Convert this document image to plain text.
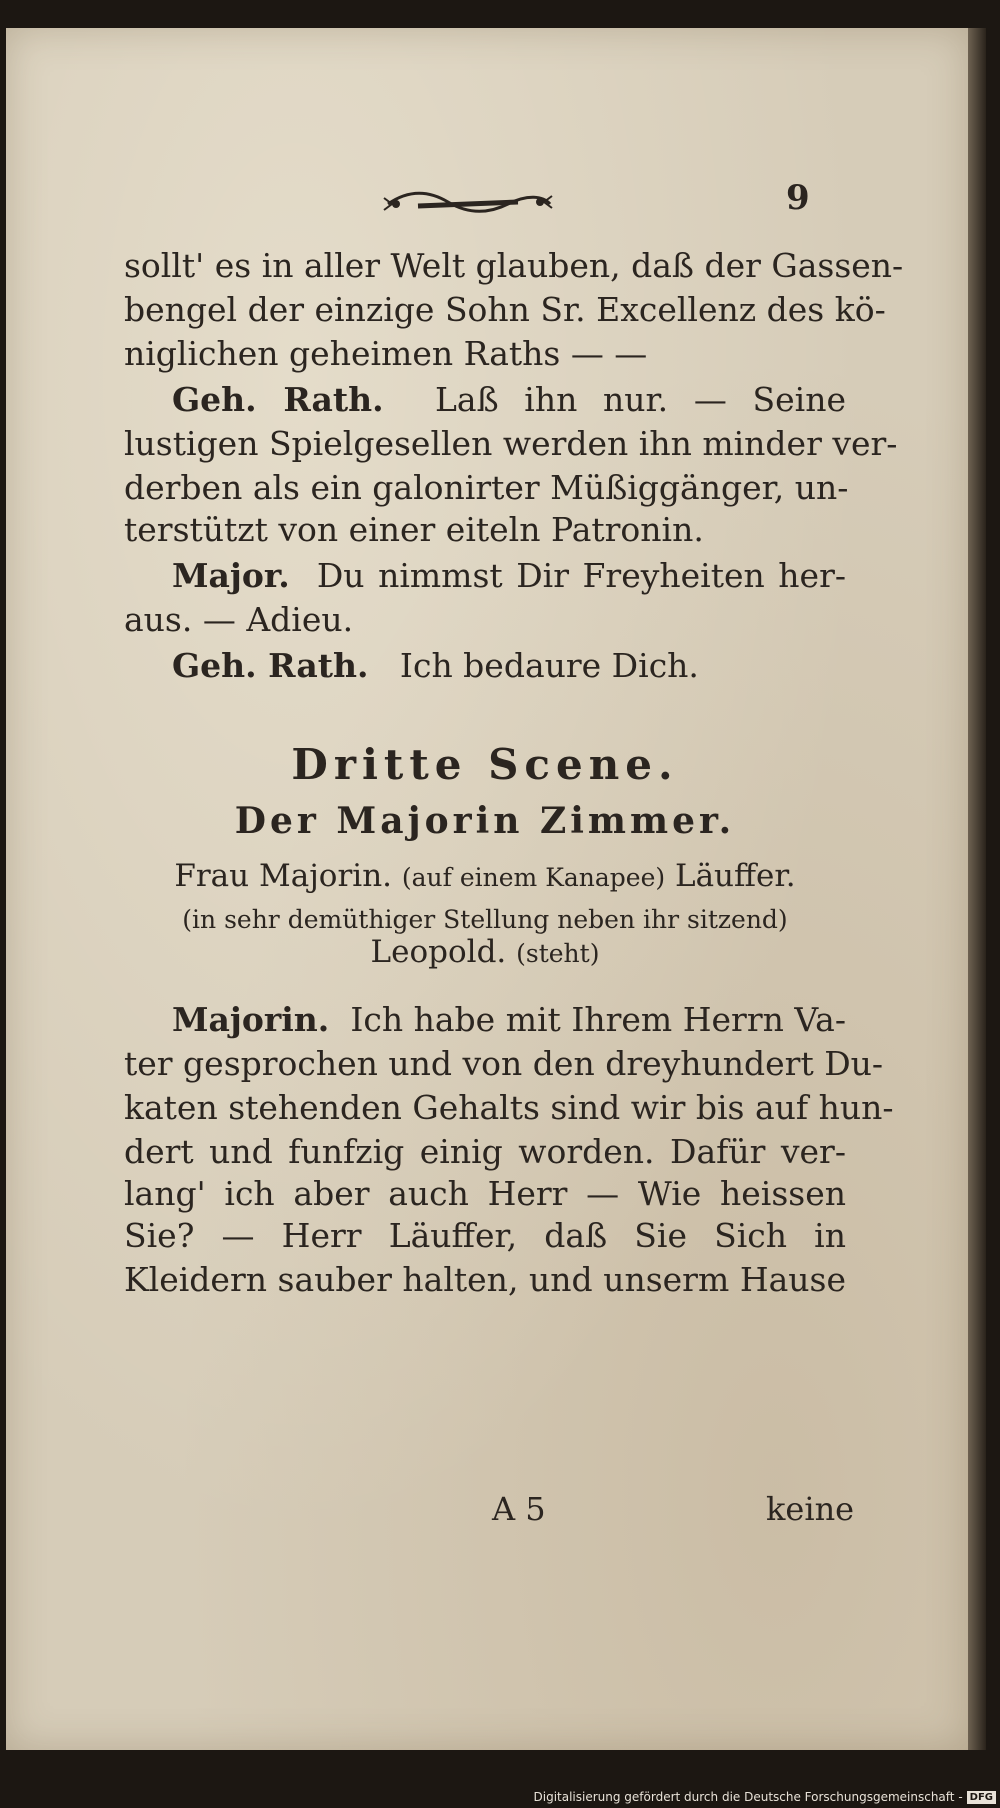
9
sollt' es in aller Welt glauben, daß der Gassen-
bengel der einzige Sohn Sr. Excellenz des kö-
niglichen geheimen Raths — —
Geh. Rath. Laß ihn nur. — Seine
lustigen Spielgesellen werden ihn minder ver-
derben als ein galonirter Müßiggänger, un-
terstützt von einer eiteln Patronin.
Major. Du nimmst Dir Freyheiten her-
aus. — Adieu.
Geh. Rath. Ich bedaure Dich.
Dritte Scene.
Der Majorin Zimmer.
Frau Majorin. (auf einem Kanapee) Läuffer.
(in sehr demüthiger Stellung neben ihr sitzend)
Leopold. (steht)
Majorin. Ich habe mit Ihrem Herrn Va-
ter gesprochen und von den dreyhundert Du-
katen stehenden Gehalts sind wir bis auf hun-
dert und funfzig einig worden. Dafür ver-
lang' ich aber auch Herr — Wie heissen
Sie? — Herr Läuffer, daß Sie Sich in
Kleidern sauber halten, und unserm Hause
A 5	keine
Digitalisierung gefördert durch die Deutsche Forschungsgemeinschaft - DFG
